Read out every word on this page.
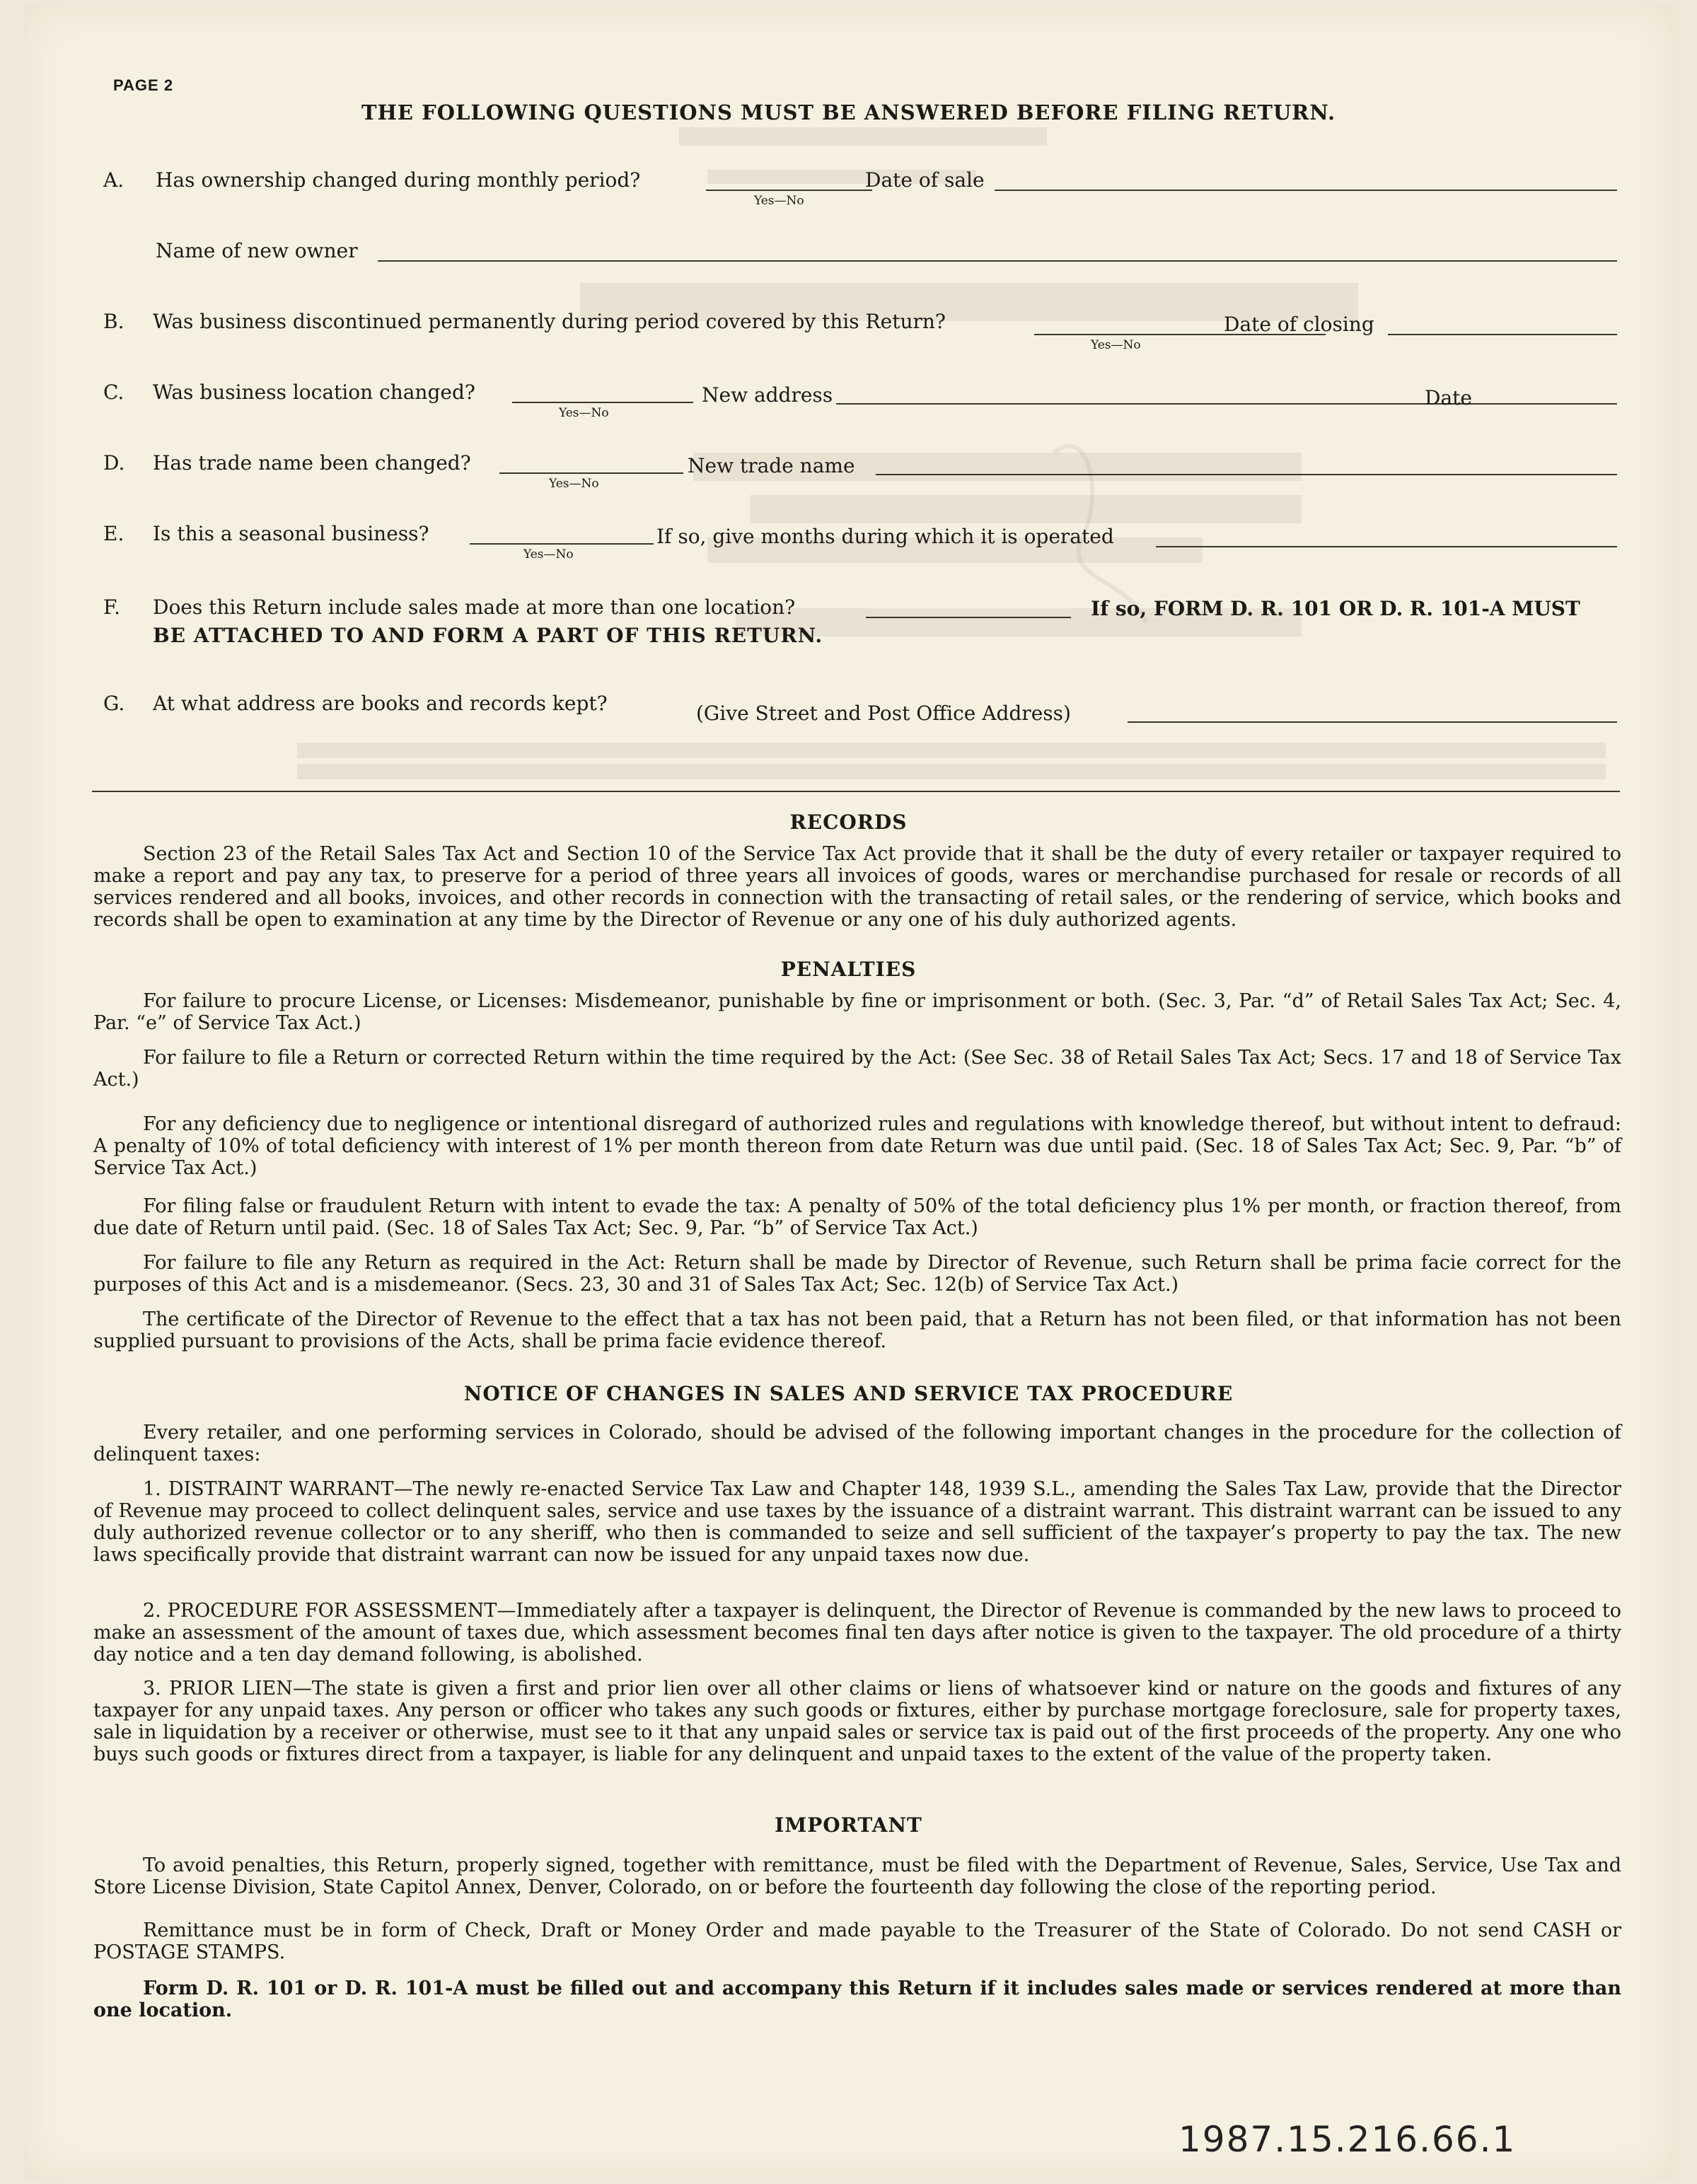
PAGE 2
THE FOLLOWING QUESTIONS MUST BE ANSWERED BEFORE FILING RETURN.
A. Has ownership changed during monthly period?
Yes—No
Date of sale
Name of new owner
B. Was business discontinued permanently during period covered by this Return?
Yes—No
Date of closing
C. Was business location changed?
Yes—No
New address	Date
D. Has trade name been changed?
Yes—No
New trade name
E. Is this a seasonal business?
Yes—No
If so, give months during which it is operated
F. Does this Return include sales made at more than one location?	If so, FORM D. R. 101 OR D. R. 101-A MUST
BE ATTACHED TO AND FORM A PART OF THIS RETURN.
G. At what address are books and records kept?	(Give Street and Post Office Address)
RECORDS
Section 23 of the Retail Sales Tax Act and Section 10 of the Service Tax Act provide that it shall be the duty of every retailer or taxpayer required to make a report and pay any tax, to preserve for a period of three years all invoices of goods, wares or merchandise purchased for resale or records of all services rendered and all books, invoices, and other records in connection with the transacting of retail sales, or the rendering of service, which books and records shall be open to examination at any time by the Director of Revenue or any one of his duly authorized agents.
PENALTIES
For failure to procure License, or Licenses: Misdemeanor, punishable by fine or imprisonment or both. (Sec. 3, Par. “d” of Retail Sales Tax Act; Sec. 4, Par. “e” of Service Tax Act.)
For failure to file a Return or corrected Return within the time required by the Act: (See Sec. 38 of Retail Sales Tax Act; Secs. 17 and 18 of Service Tax Act.)
For any deficiency due to negligence or intentional disregard of authorized rules and regulations with knowledge thereof, but without intent to defraud: A penalty of 10% of total deficiency with interest of 1% per month thereon from date Return was due until paid. (Sec. 18 of Sales Tax Act; Sec. 9, Par. “b” of Service Tax Act.)
For filing false or fraudulent Return with intent to evade the tax: A penalty of 50% of the total deficiency plus 1% per month, or fraction thereof, from due date of Return until paid. (Sec. 18 of Sales Tax Act; Sec. 9, Par. “b” of Service Tax Act.)
For failure to file any Return as required in the Act: Return shall be made by Director of Revenue, such Return shall be prima facie correct for the purposes of this Act and is a misdemeanor. (Secs. 23, 30 and 31 of Sales Tax Act; Sec. 12(b) of Service Tax Act.)
The certificate of the Director of Revenue to the effect that a tax has not been paid, that a Return has not been filed, or that information has not been supplied pursuant to provisions of the Acts, shall be prima facie evidence thereof.
NOTICE OF CHANGES IN SALES AND SERVICE TAX PROCEDURE
Every retailer, and one performing services in Colorado, should be advised of the following important changes in the procedure for the collection of delinquent taxes:
1. DISTRAINT WARRANT—The newly re-enacted Service Tax Law and Chapter 148, 1939 S.L., amending the Sales Tax Law, provide that the Director of Revenue may proceed to collect delinquent sales, service and use taxes by the issuance of a distraint warrant. This distraint warrant can be issued to any duly authorized revenue collector or to any sheriff, who then is commanded to seize and sell sufficient of the taxpayer’s property to pay the tax. The new laws specifically provide that distraint warrant can now be issued for any unpaid taxes now due.
2. PROCEDURE FOR ASSESSMENT—Immediately after a taxpayer is delinquent, the Director of Revenue is commanded by the new laws to proceed to make an assessment of the amount of taxes due, which assessment becomes final ten days after notice is given to the taxpayer. The old procedure of a thirty day notice and a ten day demand following, is abolished.
3. PRIOR LIEN—The state is given a first and prior lien over all other claims or liens of whatsoever kind or nature on the goods and fixtures of any taxpayer for any unpaid taxes. Any person or officer who takes any such goods or fixtures, either by purchase mortgage foreclosure, sale for property taxes, sale in liquidation by a receiver or otherwise, must see to it that any unpaid sales or service tax is paid out of the first proceeds of the property. Any one who buys such goods or fixtures direct from a taxpayer, is liable for any delinquent and unpaid taxes to the extent of the value of the property taken.
IMPORTANT
To avoid penalties, this Return, properly signed, together with remittance, must be filed with the Department of Revenue, Sales, Service, Use Tax and Store License Division, State Capitol Annex, Denver, Colorado, on or before the fourteenth day following the close of the reporting period.
Remittance must be in form of Check, Draft or Money Order and made payable to the Treasurer of the State of Colorado. Do not send CASH or POSTAGE STAMPS.
Form D. R. 101 or D. R. 101-A must be filled out and accompany this Return if it includes sales made or services rendered at more than one location.
1987.15.216.66.1
